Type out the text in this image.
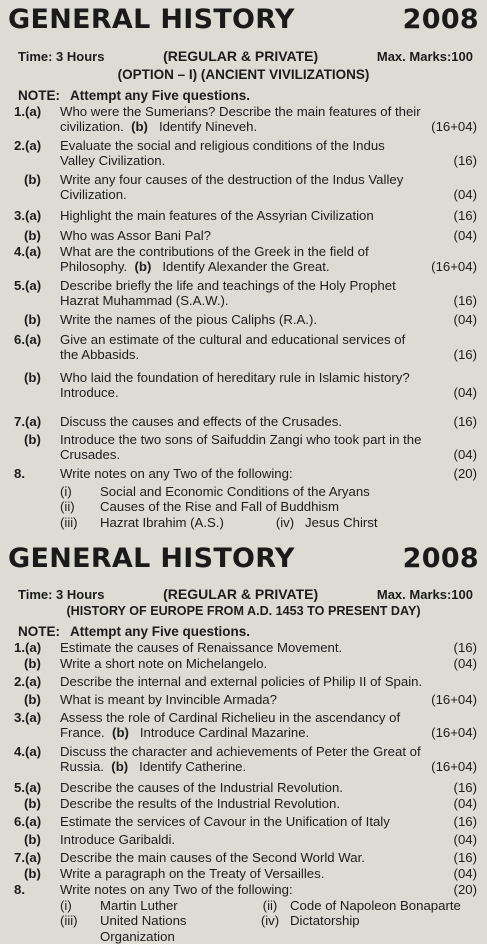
GENERAL HISTORY	2008
Time: 3 Hours	(REGULAR & PRIVATE)	Max. Marks:100
(OPTION – I) (ANCIENT VIVILIZATIONS)
NOTE: Attempt any Five questions.
1.(a) Who were the Sumerians? Describe the main features of their
civilization.  (b)   Identify Nineveh.	(16+04)
2.(a) Evaluate the social and religious conditions of the Indus
Valley Civilization.	(16)
(b) Write any four causes of the destruction of the Indus Valley
Civilization.	(04)
3.(a) Highlight the main features of the Assyrian Civilization	(16)
(b) Who was Assor Bani Pal?	(04)
4.(a) What are the contributions of the Greek in the field of
Philosophy.  (b)   Identify Alexander the Great.	(16+04)
5.(a) Describe briefly the life and teachings of the Holy Prophet
Hazrat Muhammad (S.A.W.).	(16)
(b) Write the names of the pious Caliphs (R.A.).	(04)
6.(a) Give an estimate of the cultural and educational services of
the Abbasids.	(16)
(b) Who laid the foundation of hereditary rule in Islamic history?
Introduce.	(04)
7.(a) Discuss the causes and effects of the Crusades.	(16)
(b) Introduce the two sons of Saifuddin Zangi who took part in the
Crusades.	(04)
8.	Write notes on any Two of the following:	(20)
(i)	Social and Economic Conditions of the Aryans
(ii)	Causes of the Rise and Fall of Buddhism
(iii)	Hazrat Ibrahim (A.S.)	(iv) Jesus Chirst
GENERAL HISTORY	2008
Time: 3 Hours	(REGULAR & PRIVATE)	Max. Marks:100
(HISTORY OF EUROPE FROM A.D. 1453 TO PRESENT DAY)
NOTE: Attempt any Five questions.
1.(a) Estimate the causes of Renaissance Movement.	(16)
(b) Write a short note on Michelangelo.	(04)
2.(a) Describe the internal and external policies of Philip II of Spain.
(b) What is meant by Invincible Armada?	(16+04)
3.(a) Assess the role of Cardinal Richelieu in the ascendancy of
France.  (b)   Introduce Cardinal Mazarine.	(16+04)
4.(a) Discuss the character and achievements of Peter the Great of
Russia.  (b)   Identify Catherine.	(16+04)
5.(a) Describe the causes of the Industrial Revolution.	(16)
(b) Describe the results of the Industrial Revolution.	(04)
6.(a) Estimate the services of Cavour in the Unification of Italy	(16)
(b) Introduce Garibaldi.	(04)
7.(a) Describe the main causes of the Second World War.	(16)
(b) Write a paragraph on the Treaty of Versailles.	(04)
8.	Write notes on any Two of the following:	(20)
(i)	Martin Luther	(ii) Code of Napoleon Bonaparte
(iii)	United Nations Organization
(iv) Dictatorship
